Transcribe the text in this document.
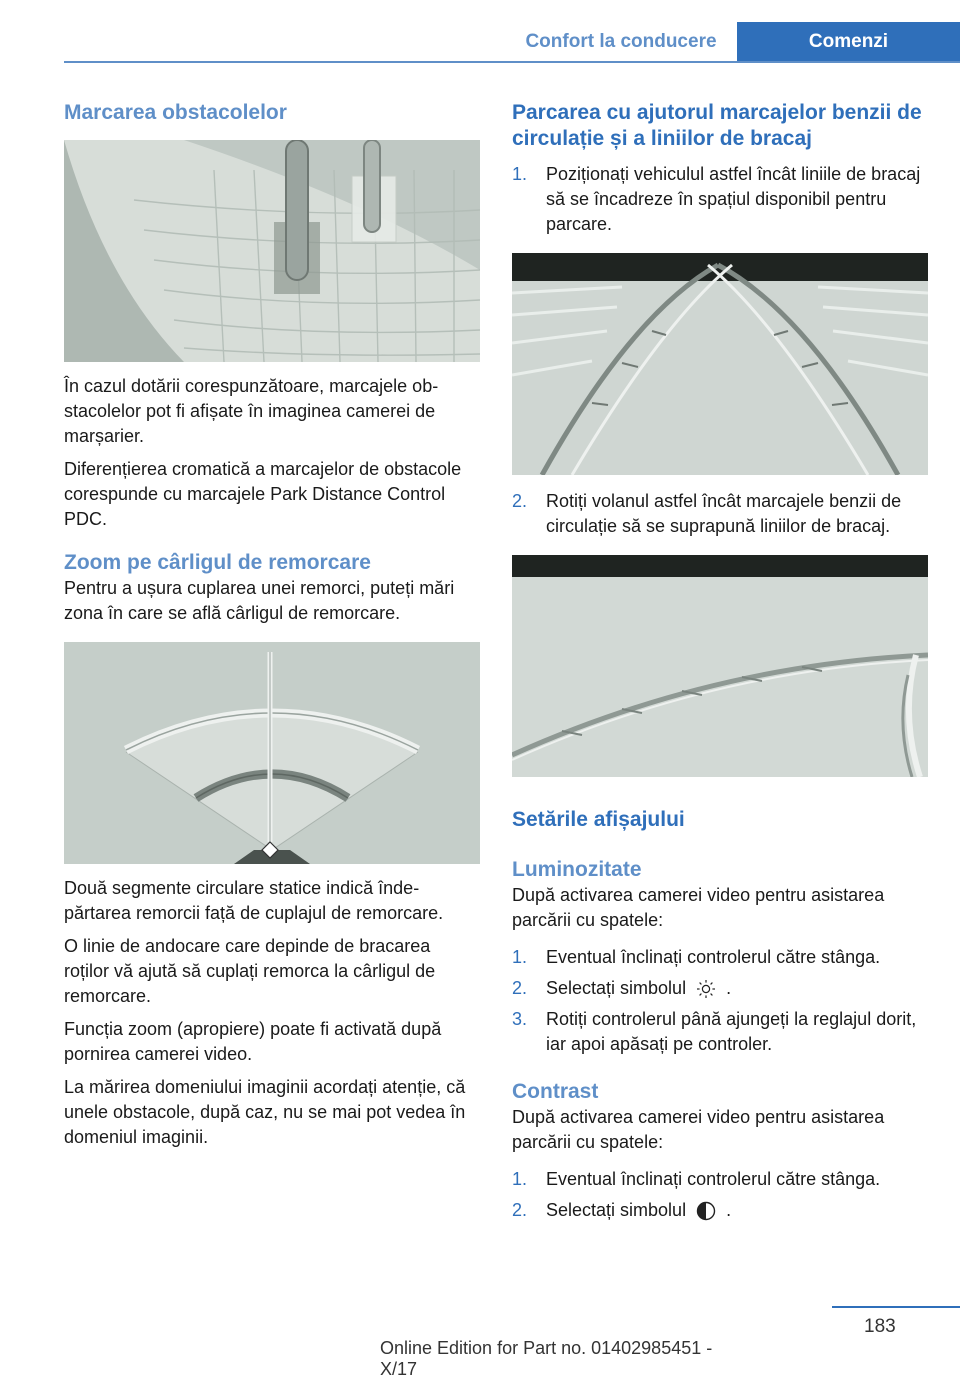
Confort la conducere	Comenzi
Marcarea obstacolelor

În cazul dotării corespunzătoare, marcajele obstacolelor pot fi afișate în imaginea camerei de marșarier.

Diferențierea cromatică a marcajelor de obstacole corespunde cu marcajele Park Distance Control PDC.

Zoom pe cârligul de remorcare

Pentru a ușura cuplarea unei remorci, puteți mări zona în care se află cârligul de remorcare.

Două segmente circulare statice indică îndepărtarea remorcii față de cuplajul de remorcare.

O linie de andocare care depinde de bracarea roților vă ajută să cuplați remorca la cârligul de remorcare.

Funcția zoom (apropiere) poate fi activată după pornirea camerei video.

La mărirea domeniului imaginii acordați atenție, că unele obstacole, după caz, nu se mai pot vedea în domeniul imaginii.

Parcarea cu ajutorul marcajelor benzii de circulație și a liniilor de bracaj
1. Poziționați vehiculul astfel încât liniile de bracaj să se încadreze în spațiul disponibil pentru parcare.
2. Rotiți volanul astfel încât marcajele benzii de circulație să se suprapună liniilor de bracaj.
Setările afișajului
Luminozitate

După activarea camerei video pentru asistarea parcării cu spatele:

1. Eventual înclinați controlerul către stânga.
2. Selectați simbolul .
3. Rotiți controlerul până ajungeți la reglajul dorit, iar apoi apăsați pe controler.
Contrast

După activarea camerei video pentru asistarea parcării cu spatele:

1. Eventual înclinați controlerul către stânga.
2. Selectați simbolul .
183
Online Edition for Part no. 01402985451 - X/17
